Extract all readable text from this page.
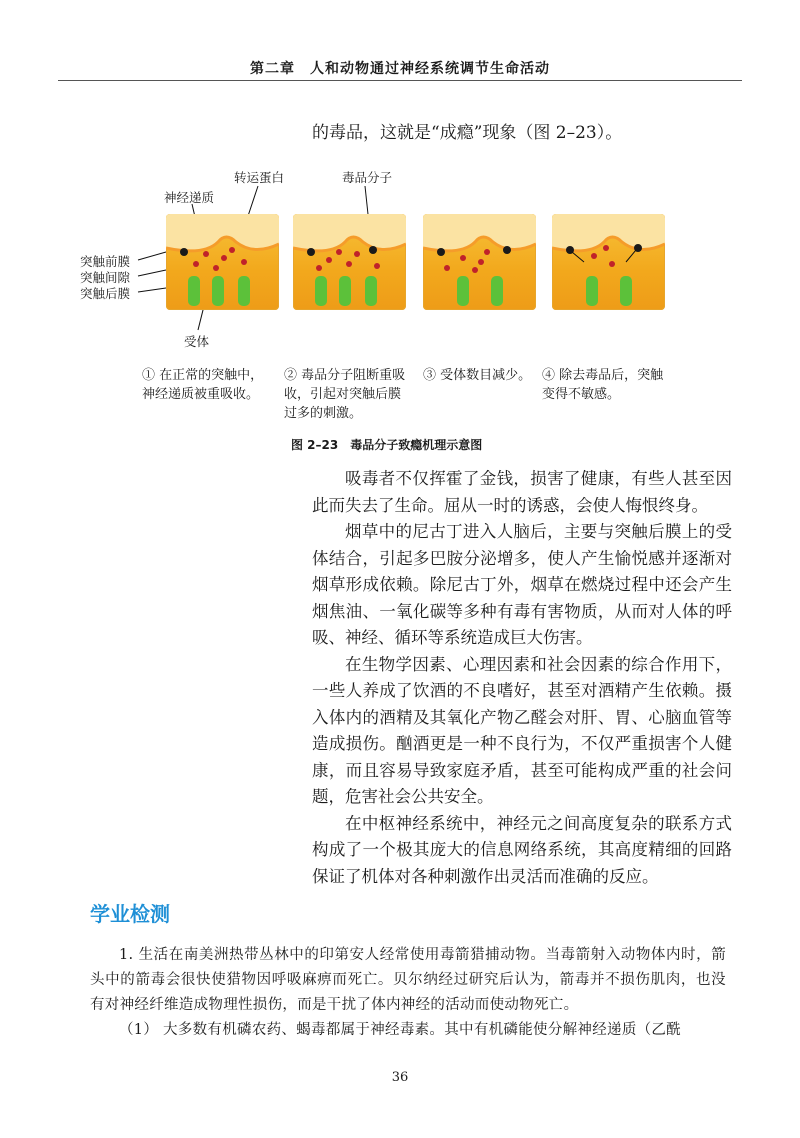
第二章　人和动物通过神经系统调节生命活动
的毒品，这就是“成瘾”现象（图 2–23）。
转运蛋白	毒品分子
神经递质
突触前膜
突触间隙
突触后膜
受体
① 在正常的突触中，神经递质被重吸收。
② 毒品分子阻断重吸收，引起对突触后膜过多的刺激。
③ 受体数目减少。 ④ 除去毒品后，突触变得不敏感。
图 2–23　毒品分子致瘾机理示意图

吸毒者不仅挥霍了金钱，损害了健康，有些人甚至因此而失去了生命。屈从一时的诱惑，会使人悔恨终身。

烟草中的尼古丁进入人脑后，主要与突触后膜上的受体结合，引起多巴胺分泌增多，使人产生愉悦感并逐渐对烟草形成依赖。除尼古丁外，烟草在燃烧过程中还会产生烟焦油、一氧化碳等多种有毒有害物质，从而对人体的呼吸、神经、循环等系统造成巨大伤害。

在生物学因素、心理因素和社会因素的综合作用下，一些人养成了饮酒的不良嗜好，甚至对酒精产生依赖。摄入体内的酒精及其氧化产物乙醛会对肝、胃、心脑血管等造成损伤。酗酒更是一种不良行为，不仅严重损害个人健康，而且容易导致家庭矛盾，甚至可能构成严重的社会问题，危害社会公共安全。

在中枢神经系统中，神经元之间高度复杂的联系方式构成了一个极其庞大的信息网络系统，其高度精细的回路保证了机体对各种刺激作出灵活而准确的反应。

学业检测

1. 生活在南美洲热带丛林中的印第安人经常使用毒箭猎捕动物。当毒箭射入动物体内时，箭头中的箭毒会很快使猎物因呼吸麻痹而死亡。贝尔纳经过研究后认为，箭毒并不损伤肌肉，也没有对神经纤维造成物理性损伤，而是干扰了体内神经的活动而使动物死亡。

（1） 大多数有机磷农药、蝎毒都属于神经毒素。其中有机磷能使分解神经递质（乙酰

36
